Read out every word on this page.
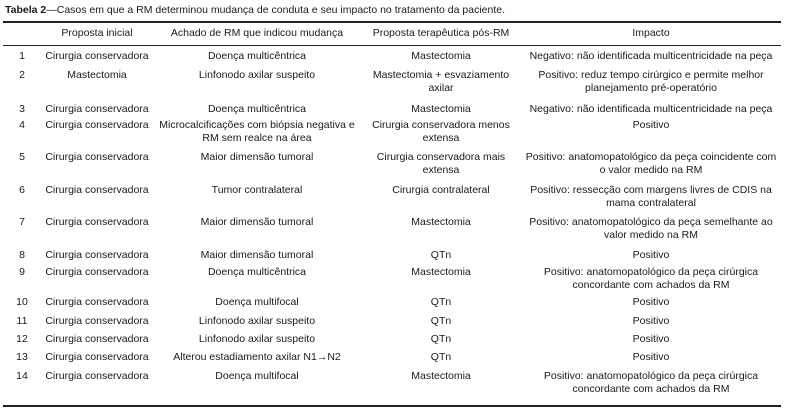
Tabela 2—Casos em que a RM determinou mudança de conduta e seu impacto no tratamento da paciente.
	Proposta inicial	Achado de RM que indicou mudança	Proposta terapêutica pós-RM	Impacto
1	Cirurgia conservadora	Doença multicêntrica	Mastectomia	Negativo: não identificada multicentricidade na peça
2	Mastectomia	Linfonodo axilar suspeito	Mastectomia + esvaziamento axilar	Positivo: reduz tempo cirúrgico e permite melhor planejamento pré-operatório
3	Cirurgia conservadora	Doença multicêntrica	Mastectomia	Negativo: não identificada multicentricidade na peça
4	Cirurgia conservadora	Microcalcificações com biópsia negativa e RM sem realce na área	Cirurgia conservadora menos extensa	Positivo
5	Cirurgia conservadora	Maior dimensão tumoral	Cirurgia conservadora mais extensa	Positivo: anatomopatológico da peça coincidente com o valor medido na RM
6	Cirurgia conservadora	Tumor contralateral	Cirurgia contralateral	Positivo: ressecção com margens livres de CDIS na mama contralateral
7	Cirurgia conservadora	Maior dimensão tumoral	Mastectomia	Positivo: anatomopatológico da peça semelhante ao valor medido na RM
8	Cirurgia conservadora	Maior dimensão tumoral	QTn	Positivo
9	Cirurgia conservadora	Doença multicêntrica	Mastectomia	Positivo: anatomopatológico da peça cirúrgica concordante com achados da RM
10	Cirurgia conservadora	Doença multifocal	QTn	Positivo
11	Cirurgia conservadora	Linfonodo axilar suspeito	QTn	Positivo
12	Cirurgia conservadora	Linfonodo axilar suspeito	QTn	Positivo
13	Cirurgia conservadora	Alterou estadiamento axilar N1→N2	QTn	Positivo
14	Cirurgia conservadora	Doença multifocal	Mastectomia	Positivo: anatomopatológico da peça cirúrgica concordante com achados da RM
